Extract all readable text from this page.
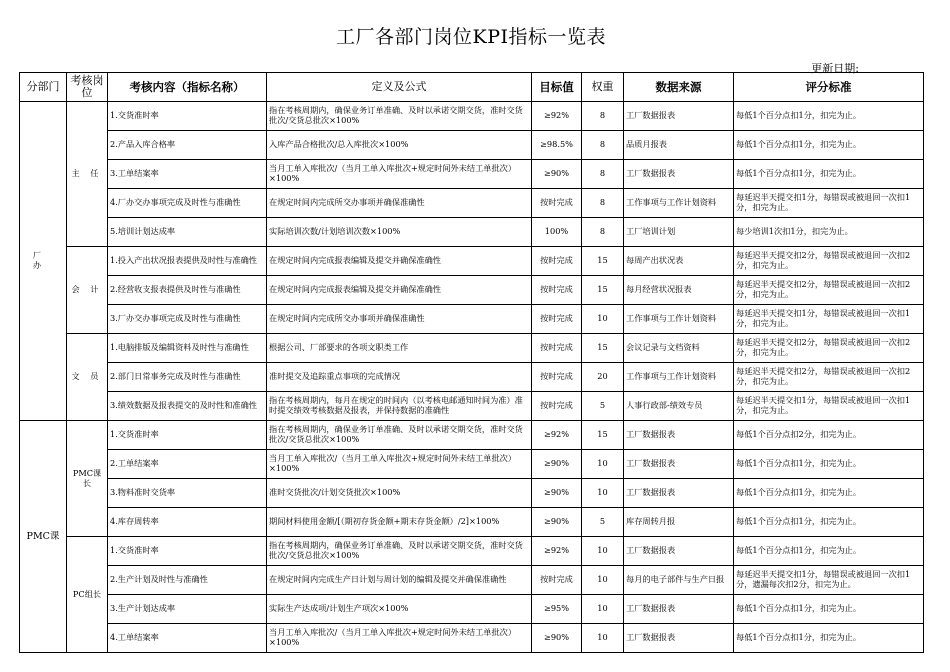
工厂各部门岗位KPI指标一览表
更新日期:
分部门	考核岗位	考核内容（指标名称）	定义及公式	目标值	权重	数据来源	评分标准
厂 办	主 任	1.交货准时率	指在考核周期内，确保业务订单准确、及时以承诺交期交货，准时交货批次/交货总批次×100%	≥92%	8	工厂数据报表	每低1个百分点扣1分，扣完为止。
		2.产品入库合格率	入库产品合格批次/总入库批次×100%	≥98.5%	8	品质月报表	每低1个百分点扣1分，扣完为止。
		3.工单结案率	当月工单入库批次/（当月工单入库批次+规定时间外未结工单批次）×100%	≥90%	8	工厂数据报表	每低1个百分点扣1分，扣完为止。
		4.厂办交办事项完成及时性与准确性	在规定时间内完成所交办事项并确保准确性	按时完成	8	工作事项与工作计划资料	每延迟半天提交扣1分，每错误或被退回一次扣1分，扣完为止。
		5.培训计划达成率	实际培训次数/计划培训次数×100%	100%	8	工厂培训计划	每少培训1次扣1分，扣完为止。
	会 计	1.投入产出状况报表提供及时性与准确性	在规定时间内完成报表编辑及提交并确保准确性	按时完成	15	每周产出状况表	每延迟半天提交扣2分，每错误或被退回一次扣2分，扣完为止。
		2.经营收支报表提供及时性与准确性	在规定时间内完成报表编辑及提交并确保准确性	按时完成	15	每月经营状况报表	每延迟半天提交扣2分，每错误或被退回一次扣2分，扣完为止。
		3.厂办交办事项完成及时性与准确性	在规定时间内完成所交办事项并确保准确性	按时完成	10	工作事项与工作计划资料	每延迟半天提交扣1分，每错误或被退回一次扣1分，扣完为止。
	文 员	1.电脑排版及编辑资料及时性与准确性	根据公司、厂部要求的各项文职类工作	按时完成	15	会议记录与文档资料	每延迟半天提交扣2分，每错误或被退回一次扣2分，扣完为止。
		2.部门日常事务完成及时性与准确性	准时提交及追踪重点事项的完成情况	按时完成	20	工作事项与工作计划资料	每延迟半天提交扣2分，每错误或被退回一次扣2分，扣完为止。
		3.绩效数据及报表提交的及时性和准确性	指在考核周期内，每月在规定的时间内（以考核电邮通知时间为准）准时提交绩效考核数据及报表，并保持数据的准确性	按时完成	5	人事行政部-绩效专员	每延迟半天提交扣1分，每错误或被退回一次扣1分，扣完为止。
PMC课	PMC课长	1.交货准时率	指在考核周期内，确保业务订单准确、及时以承诺交期交货，准时交货批次/交货总批次×100%	≥92%	15	工厂数据报表	每低1个百分点扣2分，扣完为止。
		2.工单结案率	当月工单入库批次/（当月工单入库批次+规定时间外未结工单批次）×100%	≥90%	10	工厂数据报表	每低1个百分点扣1分，扣完为止。
		3.物料准时交货率	准时交货批次/计划交货批次×100%	≥90%	10	工厂数据报表	每低1个百分点扣1分，扣完为止。
		4.库存周转率	期间材料使用金额/[（期初存货金额+期末存货金额）/2]×100%	≥90%	5	库存周转月报	每低1个百分点扣1分，扣完为止。
	PC组长	1.交货准时率	指在考核周期内，确保业务订单准确、及时以承诺交期交货，准时交货批次/交货总批次×100%	≥92%	10	工厂数据报表	每低1个百分点扣1分，扣完为止。
		2.生产计划及时性与准确性	在规定时间内完成生产日计划与周计划的编辑及提交并确保准确性	按时完成	10	每月的电子部件与生产日报	每延迟半天提交扣1分，每错误或被退回一次扣1分，遗漏每次扣2分，扣完为止。
		3.生产计划达成率	实际生产达成项/计划生产项次×100%	≥95%	10	工厂数据报表	每低1个百分点扣1分，扣完为止。
		4.工单结案率	当月工单入库批次/（当月工单入库批次+规定时间外未结工单批次）×100%	≥90%	10	工厂数据报表	每低1个百分点扣1分，扣完为止。
